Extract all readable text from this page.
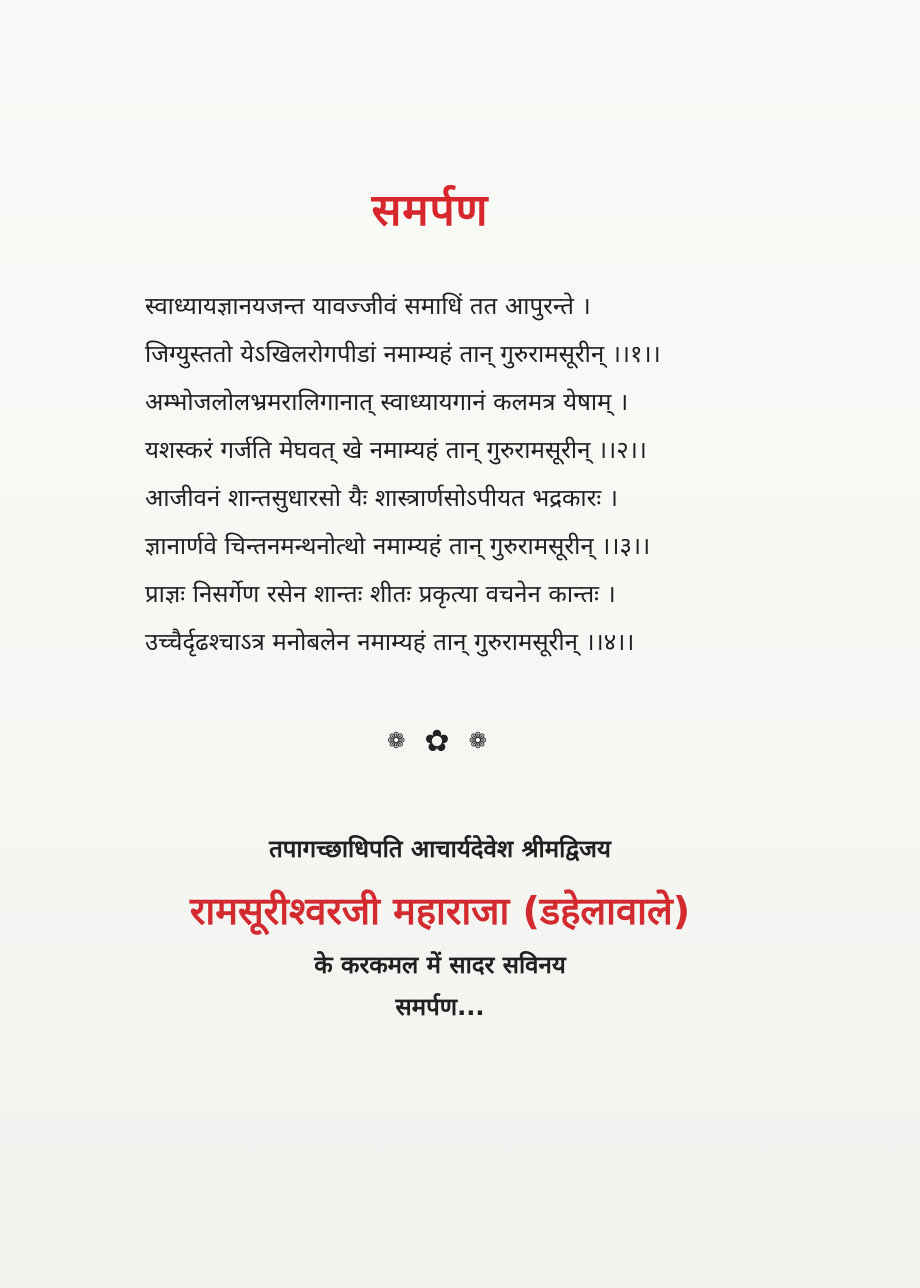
समर्पण
स्वाध्यायज्ञानयजन्त यावज्जीवं समाधिं तत आपुरन्ते ।
जिग्युस्ततो येऽखिलरोगपीडां नमाम्यहं तान् गुरुरामसूरीन् ।।१।।
अम्भोजलोलभ्रमरालिगानात् स्वाध्यायगानं कलमत्र येषाम् ।
यशस्करं गर्जति मेघवत् खे नमाम्यहं तान् गुरुरामसूरीन् ।।२।।
आजीवनं शान्तसुधारसो यैः शास्त्रार्णसोऽपीयत भद्रकारः ।
ज्ञानार्णवे चिन्तनमन्थनोत्थो नमाम्यहं तान् गुरुरामसूरीन् ।।३।।
प्राज्ञः निसर्गेण रसेन शान्तः शीतः प्रकृत्या वचनेन कान्तः ।
उच्चैर्दृढश्चाऽत्र मनोबलेन नमाम्यहं तान् गुरुरामसूरीन् ।।४।।
❁ ✿ ❁
तपागच्छाधिपति आचार्यदेवेश श्रीमद्विजय
रामसूरीश्वरजी महाराजा (डहेलावाले)
के करकमल में सादर सविनय
समर्पण...
